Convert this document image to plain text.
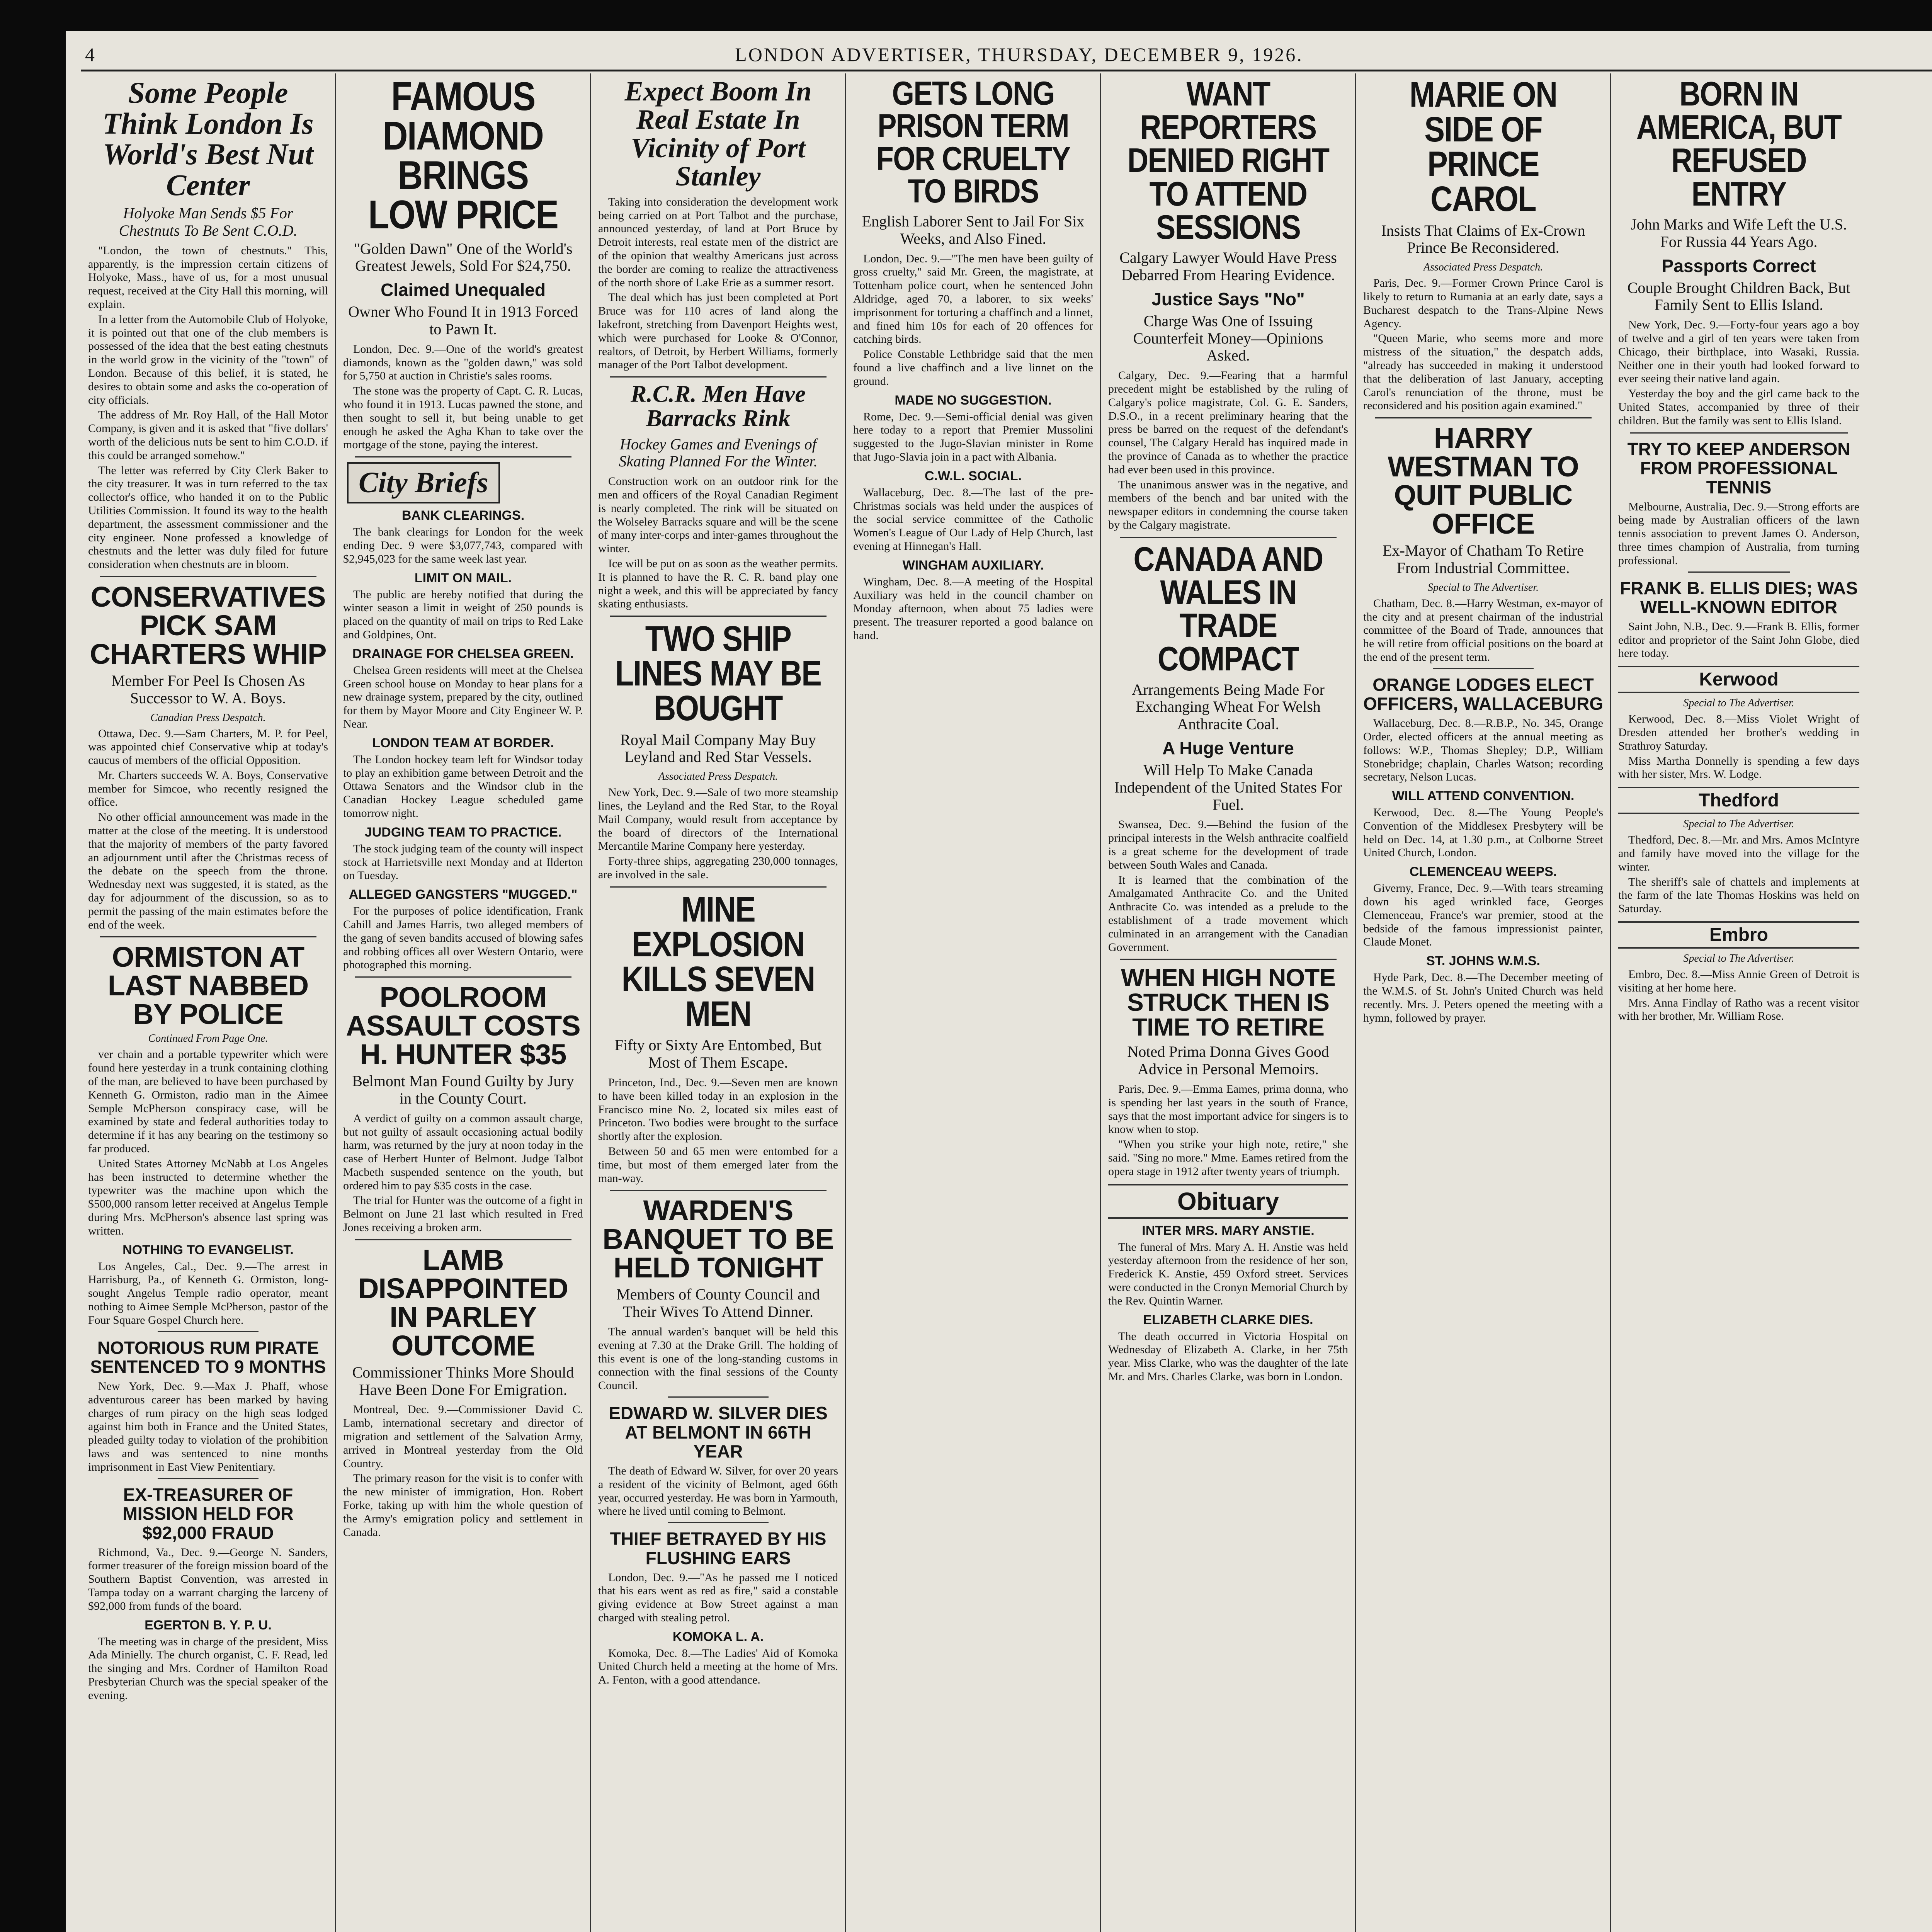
4	LONDON ADVERTISER, THURSDAY, DECEMBER 9, 1926.
Some People Think London Is World's Best Nut Center
Holyoke Man Sends $5 For Chestnuts To Be Sent C.O.D.

"London, the town of chestnuts." This, apparently, is the impression certain citizens of Holyoke, Mass., have of us, for a most unusual request, received at the City Hall this morning, will explain.

In a letter from the Automobile Club of Holyoke, it is pointed out that one of the club members is possessed of the idea that the best eating chestnuts in the world grow in the vicinity of the "town" of London. Because of this belief, it is stated, he desires to obtain some and asks the co-operation of city officials.

The address of Mr. Roy Hall, of the Hall Motor Company, is given and it is asked that "five dollars' worth of the delicious nuts be sent to him C.O.D. if this could be arranged somehow."

The letter was referred by City Clerk Baker to the city treasurer. It was in turn referred to the tax collector's office, who handed it on to the Public Utilities Commission. It found its way to the health department, the assessment commissioner and the city engineer. None professed a knowledge of chestnuts and the letter was duly filed for future consideration when chestnuts are in bloom.

CONSERVATIVES PICK SAM CHARTERS WHIP
Member For Peel Is Chosen As Successor to W. A. Boys.
Canadian Press Despatch.

Ottawa, Dec. 9.—Sam Charters, M. P. for Peel, was appointed chief Conservative whip at today's caucus of members of the official Opposition.

Mr. Charters succeeds W. A. Boys, Conservative member for Simcoe, who recently resigned the office.

No other official announcement was made in the matter at the close of the meeting. It is understood that the majority of members of the party favored an adjournment until after the Christmas recess of the debate on the speech from the throne. Wednesday next was suggested, it is stated, as the day for adjournment of the discussion, so as to permit the passing of the main estimates before the end of the week.

ORMISTON AT LAST NABBED BY POLICE
Continued From Page One.

ver chain and a portable typewriter which were found here yesterday in a trunk containing clothing of the man, are believed to have been purchased by Kenneth G. Ormiston, radio man in the Aimee Semple McPherson conspiracy case, will be examined by state and federal authorities today to determine if it has any bearing on the testimony so far produced.

United States Attorney McNabb at Los Angeles has been instructed to determine whether the typewriter was the machine upon which the $500,000 ransom letter received at Angelus Temple during Mrs. McPherson's absence last spring was written.

NOTHING TO EVANGELIST.

Los Angeles, Cal., Dec. 9.—The arrest in Harrisburg, Pa., of Kenneth G. Ormiston, long-sought Angelus Temple radio operator, meant nothing to Aimee Semple McPherson, pastor of the Four Square Gospel Church here.

NOTORIOUS RUM PIRATE SENTENCED TO 9 MONTHS

New York, Dec. 9.—Max J. Phaff, whose adventurous career has been marked by having charges of rum piracy on the high seas lodged against him both in France and the United States, pleaded guilty today to violation of the prohibition laws and was sentenced to nine months imprisonment in East View Penitentiary.

EX-TREASURER OF MISSION HELD FOR $92,000 FRAUD

Richmond, Va., Dec. 9.—George N. Sanders, former treasurer of the foreign mission board of the Southern Baptist Convention, was arrested in Tampa today on a warrant charging the larceny of $92,000 from funds of the board.

EGERTON B. Y. P. U.

The meeting was in charge of the president, Miss Ada Minielly. The church organist, C. F. Read, led the singing and Mrs. Cordner of Hamilton Road Presbyterian Church was the special speaker of the evening.

FAMOUS DIAMOND BRINGS LOW PRICE
"Golden Dawn" One of the World's Greatest Jewels, Sold For $24,750.
Claimed Unequaled
Owner Who Found It in 1913 Forced to Pawn It.

London, Dec. 9.—One of the world's greatest diamonds, known as the "golden dawn," was sold for 5,750 at auction in Christie's sales rooms.

The stone was the property of Capt. C. R. Lucas, who found it in 1913. Lucas pawned the stone, and then sought to sell it, but being unable to get enough he asked the Agha Khan to take over the mortgage of the stone, paying the interest.

City Briefs
BANK CLEARINGS.

The bank clearings for London for the week ending Dec. 9 were $3,077,743, compared with $2,945,023 for the same week last year.

LIMIT ON MAIL.

The public are hereby notified that during the winter season a limit in weight of 250 pounds is placed on the quantity of mail on trips to Red Lake and Goldpines, Ont.

DRAINAGE FOR CHELSEA GREEN.

Chelsea Green residents will meet at the Chelsea Green school house on Monday to hear plans for a new drainage system, prepared by the city, outlined for them by Mayor Moore and City Engineer W. P. Near.

LONDON TEAM AT BORDER.

The London hockey team left for Windsor today to play an exhibition game between Detroit and the Ottawa Senators and the Windsor club in the Canadian Hockey League scheduled game tomorrow night.

JUDGING TEAM TO PRACTICE.

The stock judging team of the county will inspect stock at Harrietsville next Monday and at Ilderton on Tuesday.

ALLEGED GANGSTERS "MUGGED."

For the purposes of police identification, Frank Cahill and James Harris, two alleged members of the gang of seven bandits accused of blowing safes and robbing offices all over Western Ontario, were photographed this morning.

POOLROOM ASSAULT COSTS H. HUNTER $35
Belmont Man Found Guilty by Jury in the County Court.

A verdict of guilty on a common assault charge, but not guilty of assault occasioning actual bodily harm, was returned by the jury at noon today in the case of Herbert Hunter of Belmont. Judge Talbot Macbeth suspended sentence on the youth, but ordered him to pay $35 costs in the case.

The trial for Hunter was the outcome of a fight in Belmont on June 21 last which resulted in Fred Jones receiving a broken arm.

LAMB DISAPPOINTED IN PARLEY OUTCOME
Commissioner Thinks More Should Have Been Done For Emigration.

Montreal, Dec. 9.—Commissioner David C. Lamb, international secretary and director of migration and settlement of the Salvation Army, arrived in Montreal yesterday from the Old Country.

The primary reason for the visit is to confer with the new minister of immigration, Hon. Robert Forke, taking up with him the whole question of the Army's emigration policy and settlement in Canada.

Expect Boom In Real Estate In Vicinity of Port Stanley

Taking into consideration the development work being carried on at Port Talbot and the purchase, announced yesterday, of land at Port Bruce by Detroit interests, real estate men of the district are of the opinion that wealthy Americans just across the border are coming to realize the attractiveness of the north shore of Lake Erie as a summer resort.

The deal which has just been completed at Port Bruce was for 110 acres of land along the lakefront, stretching from Davenport Heights west, which were purchased for Looke & O'Connor, realtors, of Detroit, by Herbert Williams, formerly manager of the Port Talbot development.

R.C.R. Men Have Barracks Rink
Hockey Games and Evenings of Skating Planned For the Winter.

Construction work on an outdoor rink for the men and officers of the Royal Canadian Regiment is nearly completed. The rink will be situated on the Wolseley Barracks square and will be the scene of many inter-corps and inter-games throughout the winter.

Ice will be put on as soon as the weather permits. It is planned to have the R. C. R. band play one night a week, and this will be appreciated by fancy skating enthusiasts.

TWO SHIP LINES MAY BE BOUGHT
Royal Mail Company May Buy Leyland and Red Star Vessels.
Associated Press Despatch.

New York, Dec. 9.—Sale of two more steamship lines, the Leyland and the Red Star, to the Royal Mail Company, would result from acceptance by the board of directors of the International Mercantile Marine Company here yesterday.

Forty-three ships, aggregating 230,000 tonnages, are involved in the sale.

MINE EXPLOSION KILLS SEVEN MEN
Fifty or Sixty Are Entombed, But Most of Them Escape.

Princeton, Ind., Dec. 9.—Seven men are known to have been killed today in an explosion in the Francisco mine No. 2, located six miles east of Princeton. Two bodies were brought to the surface shortly after the explosion.

Between 50 and 65 men were entombed for a time, but most of them emerged later from the man-way.

WARDEN'S BANQUET TO BE HELD TONIGHT
Members of County Council and Their Wives To Attend Dinner.

The annual warden's banquet will be held this evening at 7.30 at the Drake Grill. The holding of this event is one of the long-standing customs in connection with the final sessions of the County Council.

EDWARD W. SILVER DIES AT BELMONT IN 66TH YEAR

The death of Edward W. Silver, for over 20 years a resident of the vicinity of Belmont, aged 66th year, occurred yesterday. He was born in Yarmouth, where he lived until coming to Belmont.

THIEF BETRAYED BY HIS FLUSHING EARS

London, Dec. 9.—"As he passed me I noticed that his ears went as red as fire," said a constable giving evidence at Bow Street against a man charged with stealing petrol.

KOMOKA L. A.

Komoka, Dec. 8.—The Ladies' Aid of Komoka United Church held a meeting at the home of Mrs. A. Fenton, with a good attendance.

GETS LONG PRISON TERM FOR CRUELTY TO BIRDS
English Laborer Sent to Jail For Six Weeks, and Also Fined.

London, Dec. 9.—"The men have been guilty of gross cruelty," said Mr. Green, the magistrate, at Tottenham police court, when he sentenced John Aldridge, aged 70, a laborer, to six weeks' imprisonment for torturing a chaffinch and a linnet, and fined him 10s for each of 20 offences for catching birds.

Police Constable Lethbridge said that the men found a live chaffinch and a live linnet on the ground.

MADE NO SUGGESTION.

Rome, Dec. 9.—Semi-official denial was given here today to a report that Premier Mussolini suggested to the Jugo-Slavian minister in Rome that Jugo-Slavia join in a pact with Albania.

C.W.L. SOCIAL.

Wallaceburg, Dec. 8.—The last of the pre-Christmas socials was held under the auspices of the social service committee of the Catholic Women's League of Our Lady of Help Church, last evening at Hinnegan's Hall.

WINGHAM AUXILIARY.

Wingham, Dec. 8.—A meeting of the Hospital Auxiliary was held in the council chamber on Monday afternoon, when about 75 ladies were present. The treasurer reported a good balance on hand.

WANT REPORTERS DENIED RIGHT TO ATTEND SESSIONS
Calgary Lawyer Would Have Press Debarred From Hearing Evidence.
Justice Says "No"
Charge Was One of Issuing Counterfeit Money—Opinions Asked.

Calgary, Dec. 9.—Fearing that a harmful precedent might be established by the ruling of Calgary's police magistrate, Col. G. E. Sanders, D.S.O., in a recent preliminary hearing that the press be barred on the request of the defendant's counsel, The Calgary Herald has inquired made in the province of Canada as to whether the practice had ever been used in this province.

The unanimous answer was in the negative, and members of the bench and bar united with the newspaper editors in condemning the course taken by the Calgary magistrate.

CANADA AND WALES IN TRADE COMPACT
Arrangements Being Made For Exchanging Wheat For Welsh Anthracite Coal.
A Huge Venture
Will Help To Make Canada Independent of the United States For Fuel.

Swansea, Dec. 9.—Behind the fusion of the principal interests in the Welsh anthracite coalfield is a great scheme for the development of trade between South Wales and Canada.

It is learned that the combination of the Amalgamated Anthracite Co. and the United Anthracite Co. was intended as a prelude to the establishment of a trade movement which culminated in an arrangement with the Canadian Government.

WHEN HIGH NOTE STRUCK THEN IS TIME TO RETIRE
Noted Prima Donna Gives Good Advice in Personal Memoirs.

Paris, Dec. 9.—Emma Eames, prima donna, who is spending her last years in the south of France, says that the most important advice for singers is to know when to stop.

"When you strike your high note, retire," she said. "Sing no more." Mme. Eames retired from the opera stage in 1912 after twenty years of triumph.

Obituary
INTER MRS. MARY ANSTIE.

The funeral of Mrs. Mary A. H. Anstie was held yesterday afternoon from the residence of her son, Frederick K. Anstie, 459 Oxford street. Services were conducted in the Cronyn Memorial Church by the Rev. Quintin Warner.

ELIZABETH CLARKE DIES.

The death occurred in Victoria Hospital on Wednesday of Elizabeth A. Clarke, in her 75th year. Miss Clarke, who was the daughter of the late Mr. and Mrs. Charles Clarke, was born in London.

MARIE ON SIDE OF PRINCE CAROL
Insists That Claims of Ex-Crown Prince Be Reconsidered.
Associated Press Despatch.

Paris, Dec. 9.—Former Crown Prince Carol is likely to return to Rumania at an early date, says a Bucharest despatch to the Trans-Alpine News Agency.

"Queen Marie, who seems more and more mistress of the situation," the despatch adds, "already has succeeded in making it understood that the deliberation of last January, accepting Carol's renunciation of the throne, must be reconsidered and his position again examined."

HARRY WESTMAN TO QUIT PUBLIC OFFICE
Ex-Mayor of Chatham To Retire From Industrial Committee.
Special to The Advertiser.

Chatham, Dec. 8.—Harry Westman, ex-mayor of the city and at present chairman of the industrial committee of the Board of Trade, announces that he will retire from official positions on the board at the end of the present term.

ORANGE LODGES ELECT OFFICERS, WALLACEBURG

Wallaceburg, Dec. 8.—R.B.P., No. 345, Orange Order, elected officers at the annual meeting as follows: W.P., Thomas Shepley; D.P., William Stonebridge; chaplain, Charles Watson; recording secretary, Nelson Lucas.

WILL ATTEND CONVENTION.

Kerwood, Dec. 8.—The Young People's Convention of the Middlesex Presbytery will be held on Dec. 14, at 1.30 p.m., at Colborne Street United Church, London.

CLEMENCEAU WEEPS.

Giverny, France, Dec. 9.—With tears streaming down his aged wrinkled face, Georges Clemenceau, France's war premier, stood at the bedside of the famous impressionist painter, Claude Monet.

ST. JOHNS W.M.S.

Hyde Park, Dec. 8.—The December meeting of the W.M.S. of St. John's United Church was held recently. Mrs. J. Peters opened the meeting with a hymn, followed by prayer.

BORN IN AMERICA, BUT REFUSED ENTRY
John Marks and Wife Left the U.S. For Russia 44 Years Ago.
Passports Correct
Couple Brought Children Back, But Family Sent to Ellis Island.

New York, Dec. 9.—Forty-four years ago a boy of twelve and a girl of ten years were taken from Chicago, their birthplace, into Wasaki, Russia. Neither one in their youth had looked forward to ever seeing their native land again.

Yesterday the boy and the girl came back to the United States, accompanied by three of their children. But the family was sent to Ellis Island.

TRY TO KEEP ANDERSON FROM PROFESSIONAL TENNIS

Melbourne, Australia, Dec. 9.—Strong efforts are being made by Australian officers of the lawn tennis association to prevent James O. Anderson, three times champion of Australia, from turning professional.

FRANK B. ELLIS DIES; WAS WELL-KNOWN EDITOR

Saint John, N.B., Dec. 9.—Frank B. Ellis, former editor and proprietor of the Saint John Globe, died here today.

Kerwood
Special to The Advertiser.

Kerwood, Dec. 8.—Miss Violet Wright of Dresden attended her brother's wedding in Strathroy Saturday.

Miss Martha Donnelly is spending a few days with her sister, Mrs. W. Lodge.

Thedford
Special to The Advertiser.

Thedford, Dec. 8.—Mr. and Mrs. Amos McIntyre and family have moved into the village for the winter.

The sheriff's sale of chattels and implements at the farm of the late Thomas Hoskins was held on Saturday.

Embro
Special to The Advertiser.

Embro, Dec. 8.—Miss Annie Green of Detroit is visiting at her home here.

Mrs. Anna Findlay of Ratho was a recent visitor with her brother, Mr. William Rose.
